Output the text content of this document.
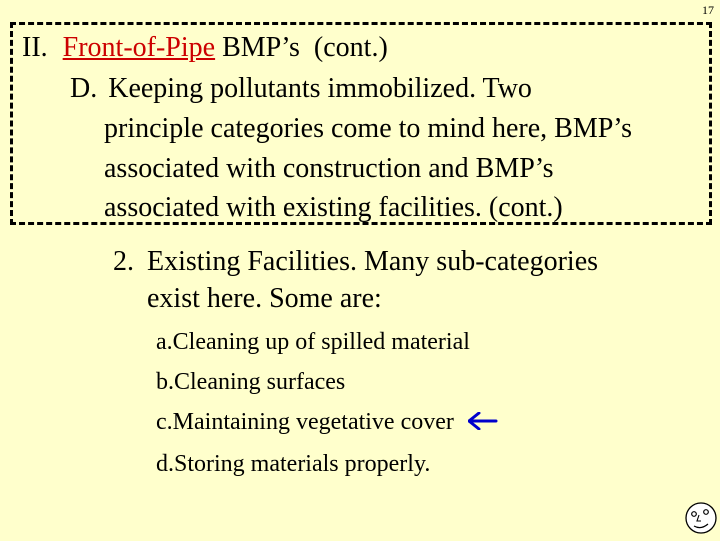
17
II. Front-of-Pipe BMP’s  (cont.)
D. Keeping pollutants immobilized. Two
principle categories come to mind here, BMP’s
associated with construction and BMP’s
associated with existing facilities. (cont.)
2. Existing Facilities. Many sub-categories
exist here. Some are:
a.Cleaning up of spilled material
b.Cleaning surfaces
c.Maintaining vegetative cover
d.Storing materials properly.
